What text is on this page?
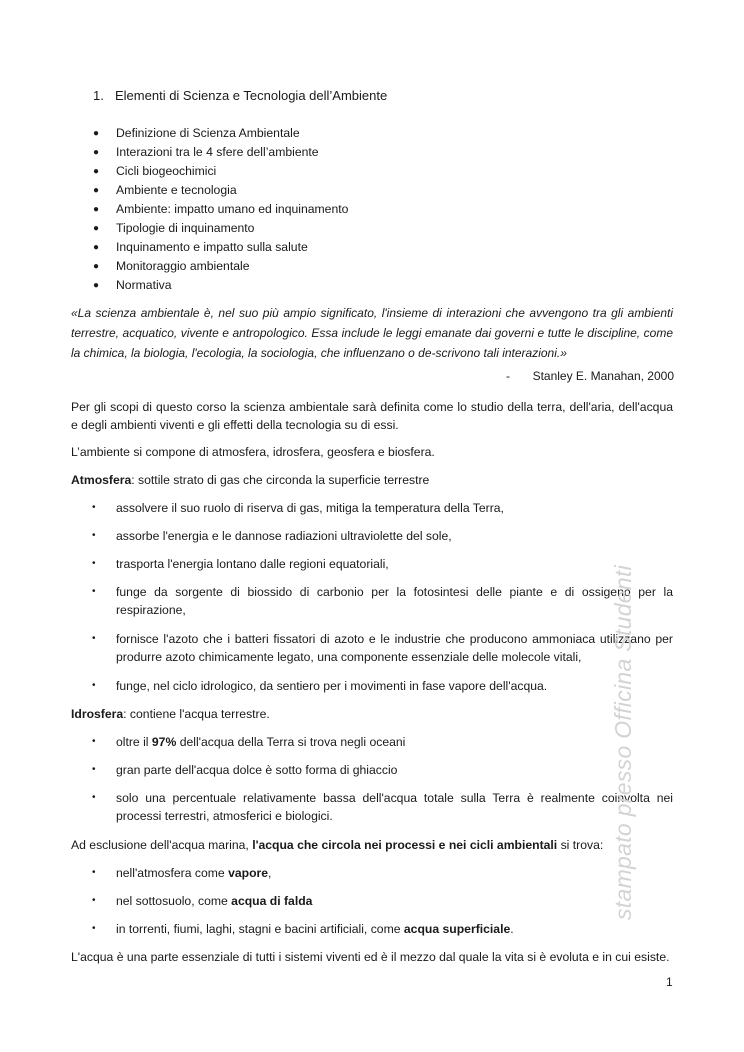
1. Elementi di Scienza e Tecnologia dell’Ambiente
● Definizione di Scienza Ambientale
● Interazioni tra le 4 sfere dell’ambiente
● Cicli biogeochimici
● Ambiente e tecnologia
● Ambiente: impatto umano ed inquinamento
● Tipologie di inquinamento
● Inquinamento e impatto sulla salute
● Monitoraggio ambientale
● Normativa
«La scienza ambientale è, nel suo più ampio significato, l'insieme di interazioni che avvengono tra gli ambienti terrestre, acquatico, vivente e antropologico. Essa include le leggi emanate dai governi e tutte le discipline, come la chimica, la biologia, l'ecologia, la sociologia, che influenzano o de-scrivono tali interazioni.»
- Stanley E. Manahan, 2000
Per gli scopi di questo corso la scienza ambientale sarà definita come lo studio della terra, dell'aria, dell'acqua e degli ambienti viventi e gli effetti della tecnologia su di essi.
L’ambiente si compone di atmosfera, idrosfera, geosfera e biosfera.
Atmosfera: sottile strato di gas che circonda la superficie terrestre
• assolvere il suo ruolo di riserva di gas, mitiga la temperatura della Terra,
• assorbe l'energia e le dannose radiazioni ultraviolette del sole,
• trasporta l'energia lontano dalle regioni equatoriali,
• funge da sorgente di biossido di carbonio per la fotosintesi delle piante e di ossigeno per la respirazione,
• fornisce l'azoto che i batteri fissatori di azoto e le industrie che producono ammoniaca utilizzano per produrre azoto chimicamente legato, una componente essenziale delle molecole vitali,
• funge, nel ciclo idrologico, da sentiero per i movimenti in fase vapore dell'acqua.
Idrosfera: contiene l'acqua terrestre.
• oltre il 97% dell'acqua della Terra si trova negli oceani
• gran parte dell'acqua dolce è sotto forma di ghiaccio
• solo una percentuale relativamente bassa dell'acqua totale sulla Terra è realmente coinvolta nei processi terrestri, atmosferici e biologici.
Ad esclusione dell'acqua marina, l'acqua che circola nei processi e nei cicli ambientali si trova:
• nell'atmosfera come vapore,
• nel sottosuolo, come acqua di falda
• in torrenti, fiumi, laghi, stagni e bacini artificiali, come acqua superficiale.
L'acqua è una parte essenziale di tutti i sistemi viventi ed è il mezzo dal quale la vita si è evoluta e in cui esiste.
stampato presso Officina Studenti
1
